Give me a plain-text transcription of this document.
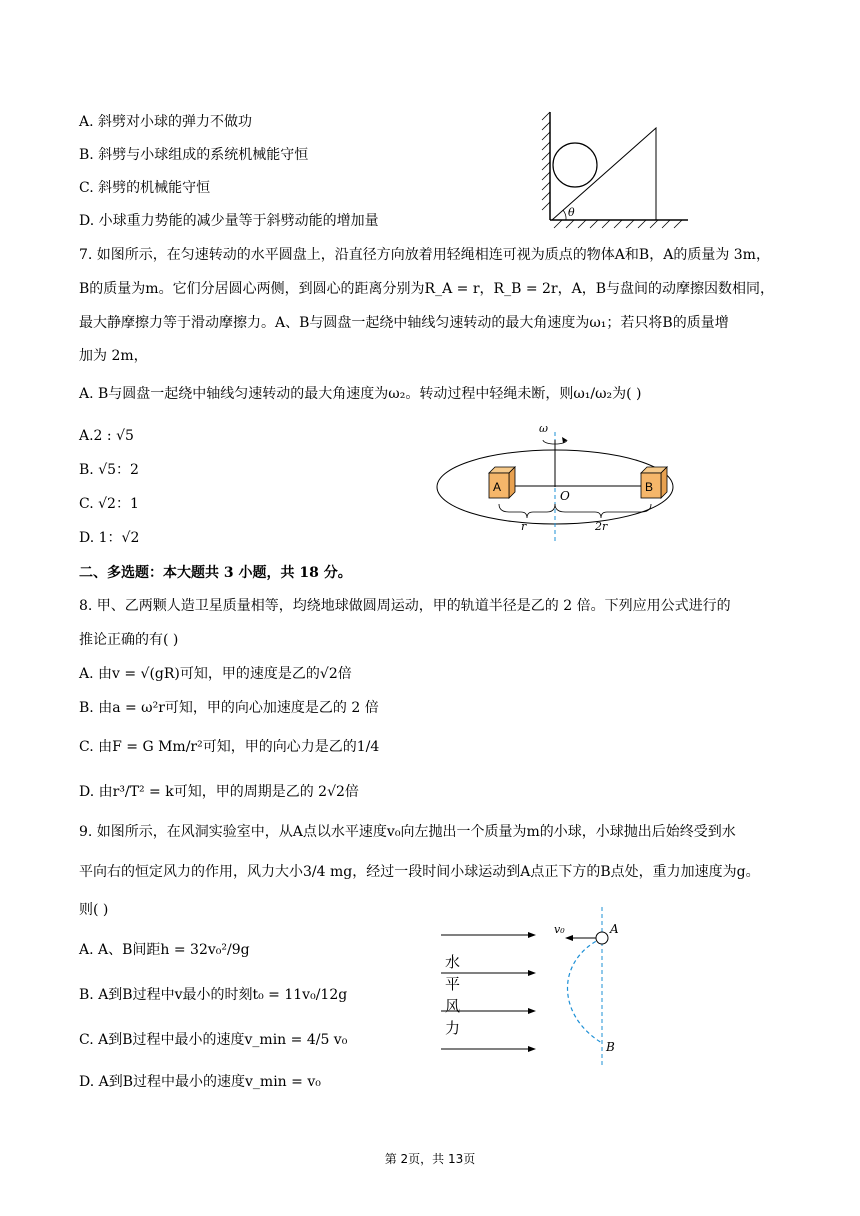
A. 斜劈对小球的弹力不做功
B. 斜劈与小球组成的系统机械能守恒
C. 斜劈的机械能守恒
D. 小球重力势能的减少量等于斜劈动能的增加量
θ
7. 如图所示，在匀速转动的水平圆盘上，沿直径方向放着用轻绳相连可视为质点的物体A和B，A的质量为 3m，
B的质量为m。它们分居圆心两侧，到圆心的距离分别为R_A = r，R_B = 2r，A，B与盘间的动摩擦因数相同，
最大静摩擦力等于滑动摩擦力。A、B与圆盘一起绕中轴线匀速转动的最大角速度为ω₁；若只将B的质量增
加为 2m，
A. B与圆盘一起绕中轴线匀速转动的最大角速度为ω₂。转动过程中轻绳未断，则ω₁/ω₂为( )
A.2 : √5
B. √5：2
C. √2：1
D. 1：√2
ω
A	B
O
r	2r
二、多选题：本大题共 3 小题，共 18 分。
8. 甲、乙两颗人造卫星质量相等，均绕地球做圆周运动，甲的轨道半径是乙的 2 倍。下列应用公式进行的
推论正确的有( )
A. 由v = √(gR)可知，甲的速度是乙的√2倍
B. 由a = ω²r可知，甲的向心加速度是乙的 2 倍
C. 由F = G Mm/r²可知，甲的向心力是乙的1/4
D. 由r³/T² = k可知，甲的周期是乙的 2√2倍
9. 如图所示，在风洞实验室中，从A点以水平速度v₀向左抛出一个质量为m的小球，小球抛出后始终受到水
平向右的恒定风力的作用，风力大小3/4 mg，经过一段时间小球运动到A点正下方的B点处，重力加速度为g。
则( )
A. A、B间距h = 32v₀²/9g
B. A到B过程中v最小的时刻t₀ = 11v₀/12g
C. A到B过程中最小的速度v_min = 4/5 v₀
D. A到B过程中最小的速度v_min = v₀
水 平 风 力
v₀	A
B
第 2页，共 13页
